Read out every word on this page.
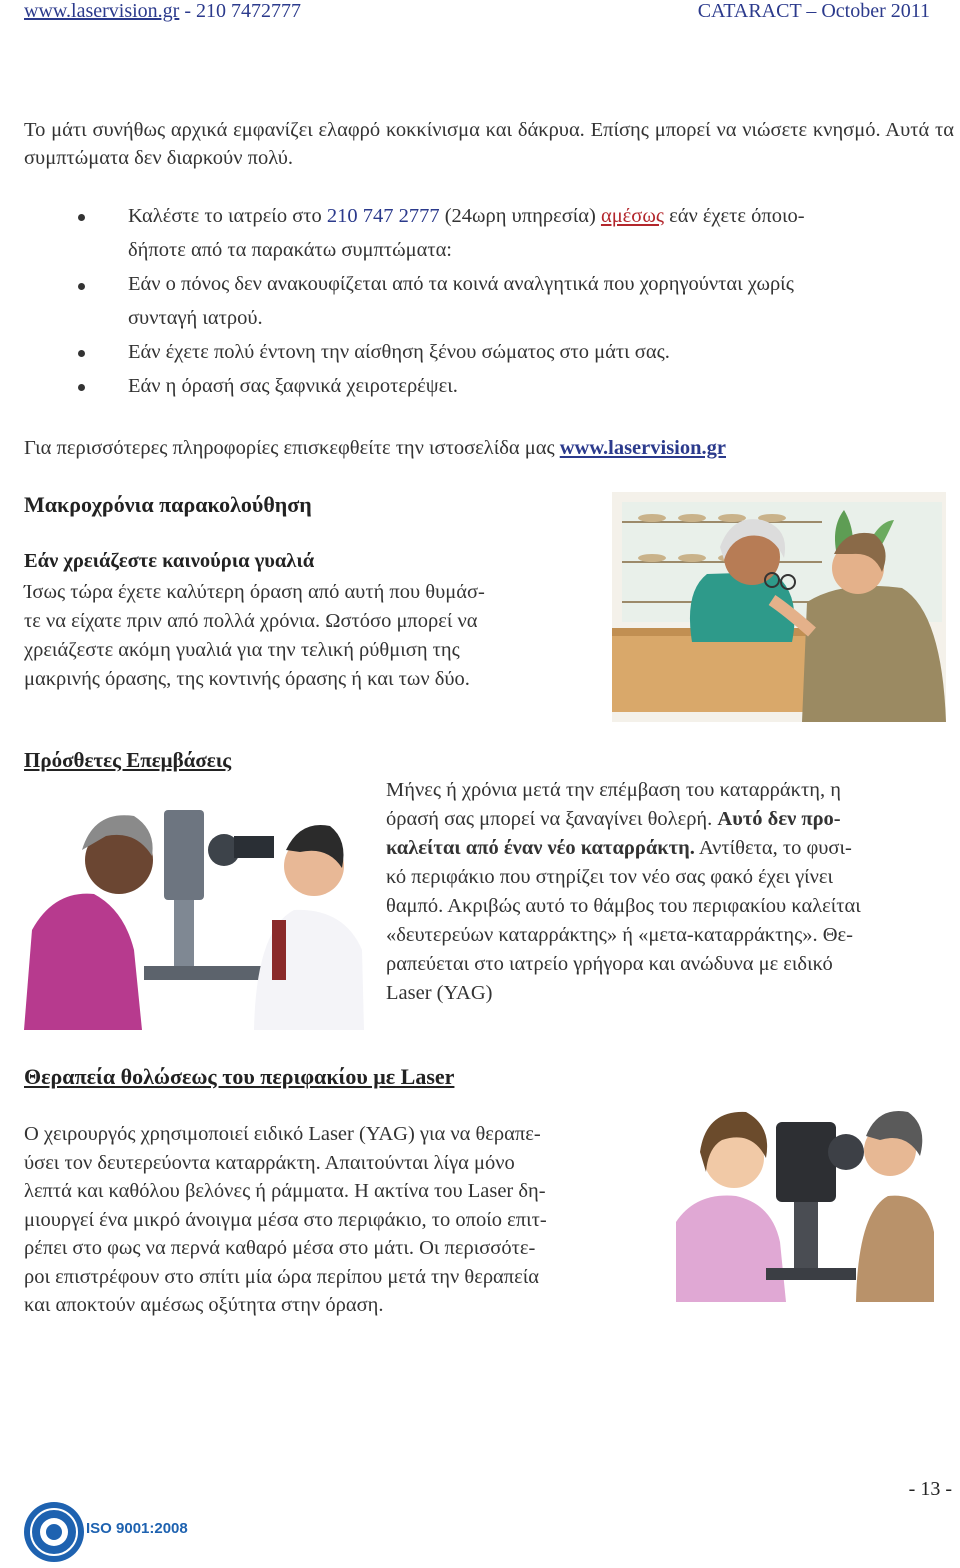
www.laservision.gr - 210 7472777	CATARACT – October 2011
Το μάτι συνήθως αρχικά εμφανίζει ελαφρό κοκκίνισμα και δάκρυα. Επίσης μπορεί να νιώσετε κνησμό. Αυτά τα συμπτώματα δεν διαρκούν πολύ.
Καλέστε το ιατρείο στο 210 747 2777 (24ωρη υπηρεσία) αμέσως εάν έχετε όποιο-
δήποτε από τα παρακάτω συμπτώματα:
Εάν ο πόνος δεν ανακουφίζεται από τα κοινά αναλγητικά που χορηγούνται χωρίς
συνταγή ιατρού.
Εάν έχετε πολύ έντονη την αίσθηση ξένου σώματος στο μάτι σας.
Εάν η όρασή σας ξαφνικά χειροτερέψει.
Για περισσότερες πληροφορίες επισκεφθείτε την ιστοσελίδα μας www.laservision.gr
Μακροχρόνια παρακολούθηση
Εάν χρειάζεστε καινούρια γυαλιά
Ίσως τώρα έχετε καλύτερη όραση από αυτή που θυμάσ-
τε να είχατε πριν από πολλά χρόνια. Ωστόσο μπορεί να
χρειάζεστε ακόμη γυαλιά για την τελική ρύθμιση της
μακρινής όρασης, της κοντινής όρασης ή και των δύο.
Πρόσθετες Επεμβάσεις
Μήνες ή χρόνια μετά την επέμβαση του καταρράκτη, η
όρασή σας μπορεί να ξαναγίνει θολερή. Αυτό δεν προ-
καλείται από έναν νέο καταρράκτη. Αντίθετα, το φυσι-
κό περιφάκιο που στηρίζει τον νέο σας φακό έχει γίνει
θαμπό. Ακριβώς αυτό το θάμβος του περιφακίου καλείται
«δευτερεύων καταρράκτης» ή «μετα-καταρράκτης». Θε-
ραπεύεται στο ιατρείο γρήγορα και ανώδυνα με ειδικό
Laser (YAG)
Θεραπεία θολώσεως του περιφακίου με Laser
Ο χειρουργός χρησιμοποιεί ειδικό Laser (YAG) για να θεραπε-
ύσει τον δευτερεύοντα καταρράκτη. Απαιτούνται λίγα μόνο
λεπτά και καθόλου βελόνες ή ράμματα. Η ακτίνα του Laser δη-
μιουργεί ένα μικρό άνοιγμα μέσα στο περιφάκιο, το οποίο επιτ-
ρέπει στο φως να περνά καθαρό μέσα στο μάτι. Οι περισσότε-
ροι επιστρέφουν στο σπίτι μία ώρα περίπου μετά την θεραπεία
και αποκτούν αμέσως οξύτητα στην όραση.
- 13 -
ISO 9001:2008
